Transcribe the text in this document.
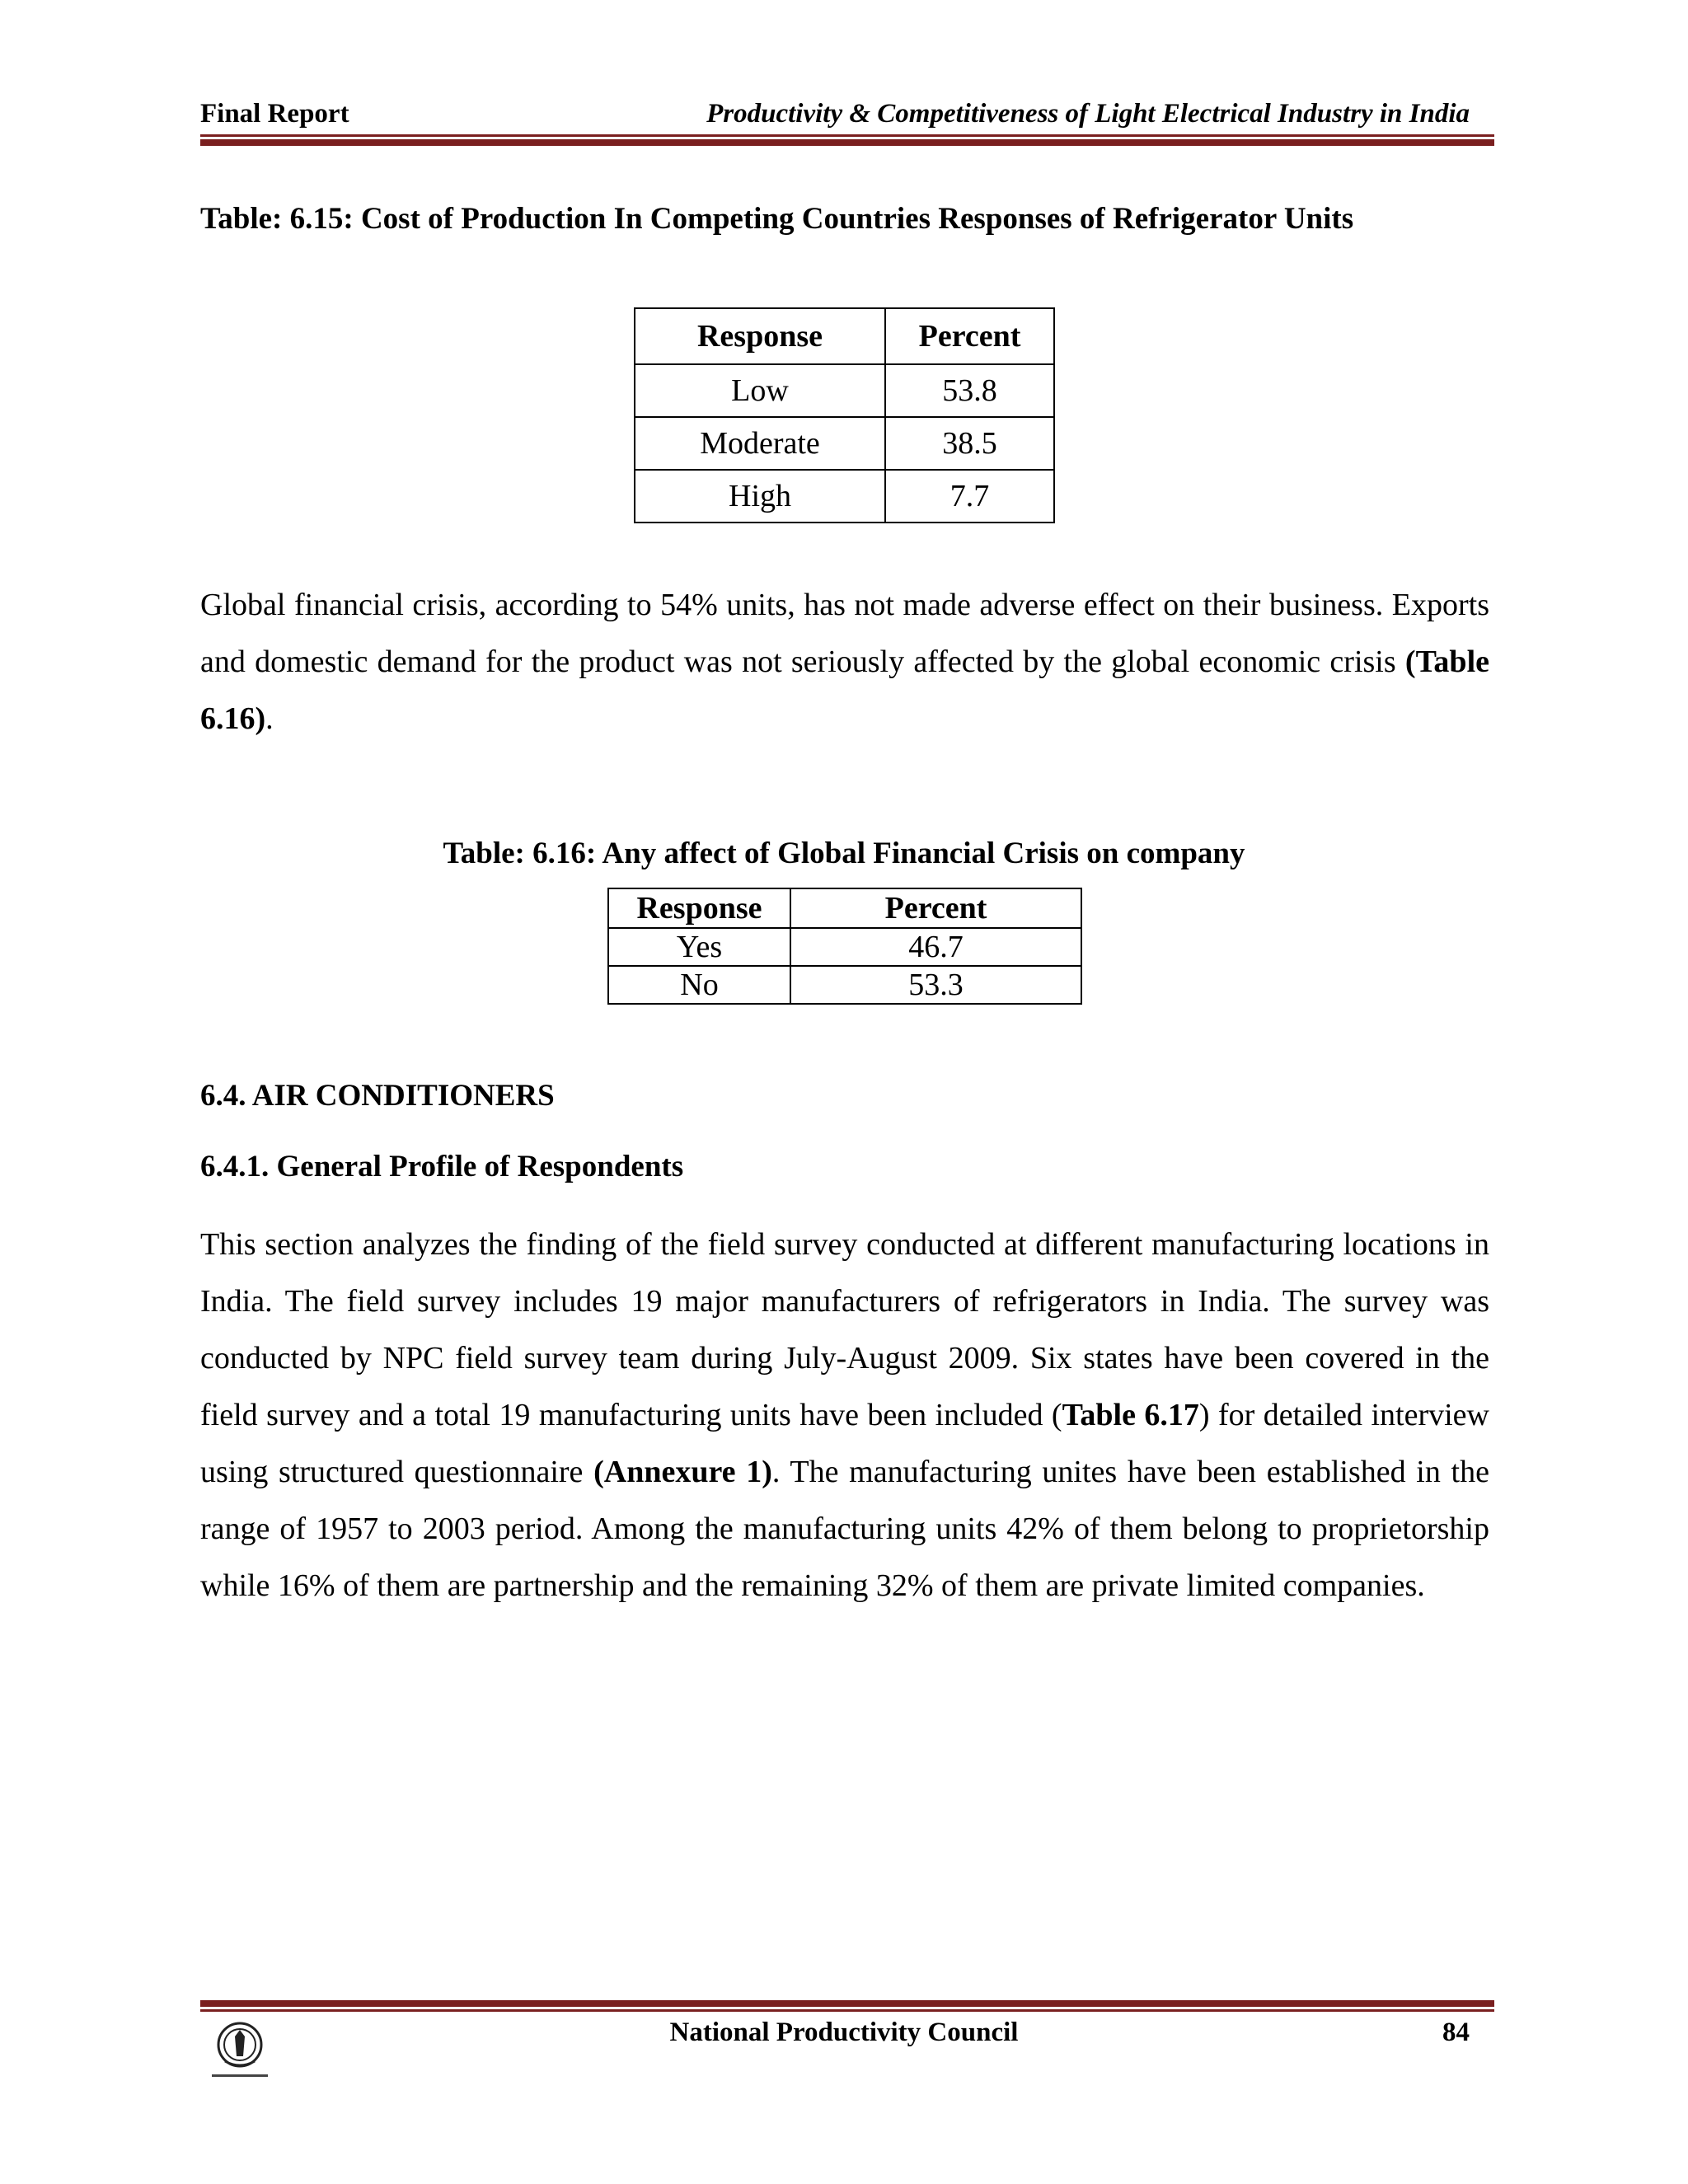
Final Report	Productivity & Competitiveness of Light Electrical Industry in India
Table: 6.15: Cost of Production In Competing Countries Responses of Refrigerator Units
Response	Percent
Low	53.8
Moderate	38.5
High	7.7
Global financial crisis, according to 54% units, has not made adverse effect on their business. Exports and domestic demand for the product was not seriously affected by the global economic crisis (Table 6.16).
Table: 6.16: Any affect of Global Financial Crisis on company
Response	Percent
Yes	46.7
No	53.3
6.4. AIR CONDITIONERS
6.4.1. General Profile of Respondents
This section analyzes the finding of the field survey conducted at different manufacturing locations in India. The field survey includes 19 major manufacturers of refrigerators in India. The survey was conducted by NPC field survey team during July-August 2009. Six states have been covered in the field survey and a total 19 manufacturing units have been included (Table 6.17) for detailed interview using structured questionnaire (Annexure 1). The manufacturing unites have been established in the range of 1957 to 2003 period. Among the manufacturing units 42% of them belong to proprietorship while 16% of them are partnership and the remaining 32% of them are private limited companies.
National Productivity Council	84
